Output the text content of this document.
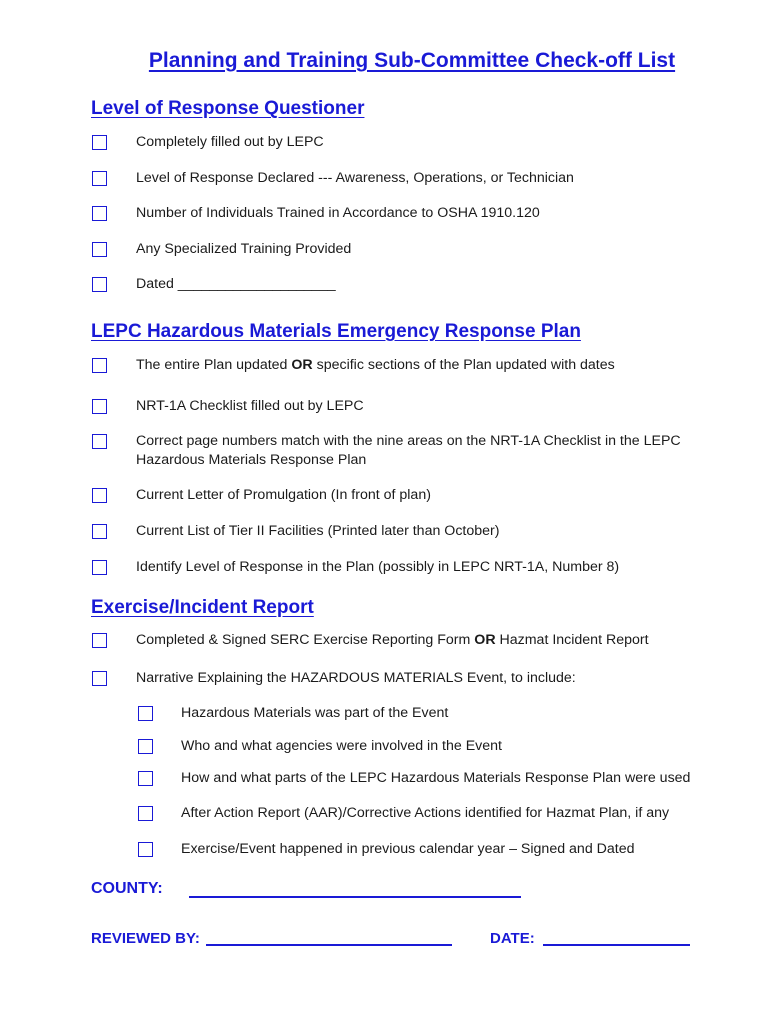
Planning and Training Sub-Committee Check-off List
Level of Response Questioner
Completely filled out by LEPC
Level of Response Declared --- Awareness, Operations, or Technician
Number of Individuals Trained in Accordance to OSHA 1910.120
Any Specialized Training Provided
Dated ____________________
LEPC Hazardous Materials Emergency Response Plan
The entire Plan updated OR specific sections of the Plan updated with dates
NRT-1A Checklist filled out by LEPC
Correct page numbers match with the nine areas on the NRT-1A Checklist in the LEPC
Hazardous Materials Response Plan
Current Letter of Promulgation (In front of plan)
Current List of Tier II Facilities (Printed later than October)
Identify Level of Response in the Plan (possibly in LEPC NRT-1A, Number 8)
Exercise/Incident Report
Completed & Signed SERC Exercise Reporting Form OR Hazmat Incident Report
Narrative Explaining the HAZARDOUS MATERIALS Event, to include:
Hazardous Materials was part of the Event
Who and what agencies were involved in the Event
How and what parts of the LEPC Hazardous Materials Response Plan were used
After Action Report (AAR)/Corrective Actions identified for Hazmat Plan, if any
Exercise/Event happened in previous calendar year – Signed and Dated
COUNTY:
REVIEWED BY:	DATE:
